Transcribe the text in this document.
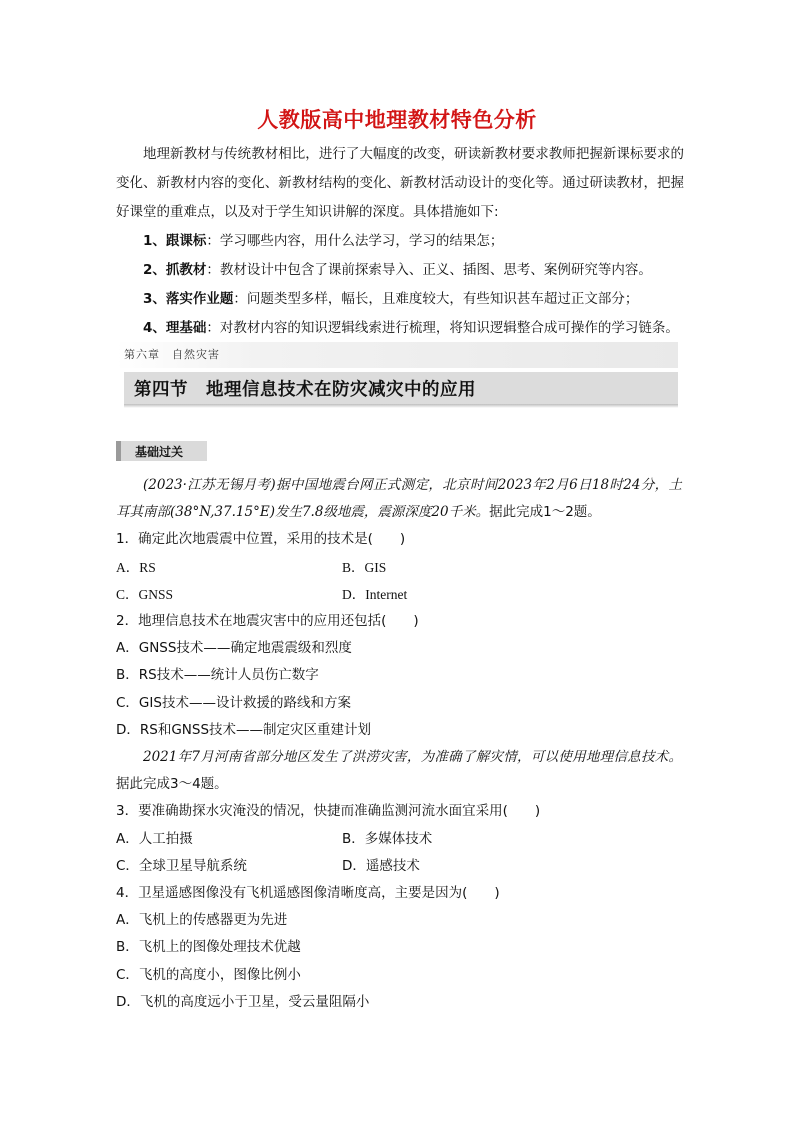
人教版高中地理教材特色分析

地理新教材与传统教材相比，进行了大幅度的改变，研读新教材要求教师把握新课标要求的变化、新教材内容的变化、新教材结构的变化、新教材活动设计的变化等。通过研读教材，把握好课堂的重难点，以及对于学生知识讲解的深度。具体措施如下:

1、跟课标：学习哪些内容，用什么法学习，学习的结果怎；

2、抓教材：教材设计中包含了课前探索导入、正义、插图、思考、案例研究等内容。

3、落实作业题：问题类型多样，幅长，且难度较大，有些知识甚车超过正文部分；

4、理基础：对教材内容的知识逻辑线索进行梳理，将知识逻辑整合成可操作的学习链条。

第六章　自然灾害
第四节　地理信息技术在防灾减灾中的应用
基础过关

(2023·江苏无锡月考)据中国地震台网正式测定，北京时间2023年2月6日18时24分，土耳其南部(38°N,37.15°E)发生7.8级地震，震源深度20千米。据此完成1～2题。

1．确定此次地震震中位置，采用的技术是(　　)

A．RS	B．GIS
C．GNSS	D．Internet

2．地理信息技术在地震灾害中的应用还包括(　　)

A．GNSS技术——确定地震震级和烈度

B．RS技术——统计人员伤亡数字

C．GIS技术——设计救援的路线和方案

D．RS和GNSS技术——制定灾区重建计划

2021年7月河南省部分地区发生了洪涝灾害，为准确了解灾情，可以使用地理信息技术。据此完成3～4题。

3．要准确勘探水灾淹没的情况，快捷而准确监测河流水面宜采用(　　)

A．人工拍摄	B．多媒体技术
C．全球卫星导航系统	D．遥感技术

4．卫星遥感图像没有飞机遥感图像清晰度高，主要是因为(　　)

A．飞机上的传感器更为先进

B．飞机上的图像处理技术优越

C．飞机的高度小，图像比例小

D．飞机的高度远小于卫星，受云量阻隔小
